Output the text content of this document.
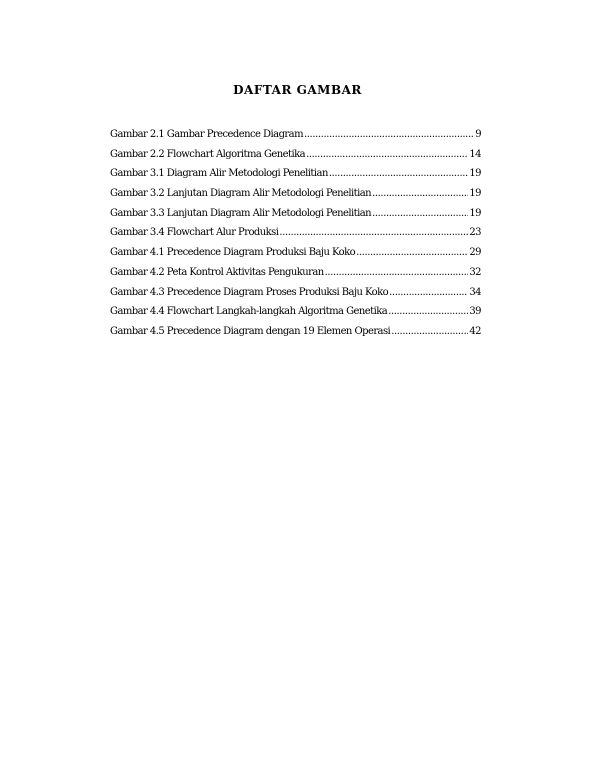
DAFTAR GAMBAR
Gambar 2.1 Gambar Precedence Diagram .....	9
Gambar 2.2 Flowchart Algoritma Genetika .....	14
Gambar 3.1 Diagram Alir Metodologi Penelitian .....	19
Gambar 3.2 Lanjutan Diagram Alir Metodologi Penelitian .....	19
Gambar 3.3 Lanjutan Diagram Alir Metodologi Penelitian .....	19
Gambar 3.4 Flowchart Alur Produksi .....	23
Gambar 4.1 Precedence Diagram Produksi Baju Koko .....	29
Gambar 4.2 Peta Kontrol Aktivitas Pengukuran .....	32
Gambar 4.3 Precedence Diagram Proses Produksi Baju Koko .....	34
Gambar 4.4 Flowchart Langkah-langkah Algoritma Genetika .....	39
Gambar 4.5 Precedence Diagram dengan 19 Elemen Operasi .....	42
